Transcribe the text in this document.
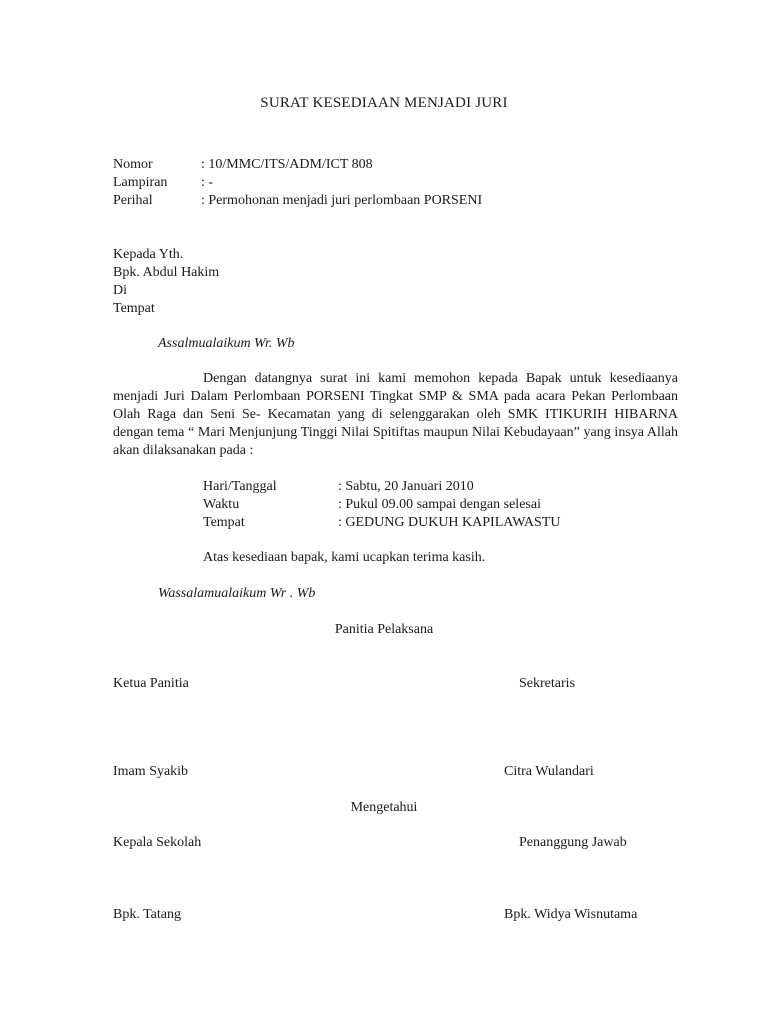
SURAT KESEDIAAN MENJADI JURI
Nomor	: 10/MMC/ITS/ADM/ICT 808
Lampiran : -
Perihal	: Permohonan menjadi juri perlombaan PORSENI
Kepada Yth.
Bpk. Abdul Hakim
Di
Tempat
Assalmualaikum Wr. Wb
Dengan datangnya surat ini kami memohon kepada Bapak untuk kesediaanya menjadi Juri Dalam Perlombaan PORSENI Tingkat SMP & SMA pada acara Pekan Perlombaan Olah Raga dan Seni Se- Kecamatan yang di selenggarakan oleh SMK ITIKURIH HIBARNA dengan tema “ Mari Menjunjung Tinggi Nilai Spitiftas maupun Nilai Kebudayaan” yang insya Allah akan dilaksanakan pada :
Hari/Tanggal	: Sabtu, 20 Januari 2010
Waktu	: Pukul 09.00 sampai dengan selesai
Tempat	: GEDUNG DUKUH KAPILAWASTU
Atas kesediaan bapak, kami ucapkan terima kasih.
Wassalamualaikum Wr . Wb
Panitia Pelaksana
Ketua Panitia	Sekretaris
Imam Syakib	Citra Wulandari
Mengetahui
Kepala Sekolah	Penanggung Jawab
Bpk. Tatang	Bpk. Widya Wisnutama
